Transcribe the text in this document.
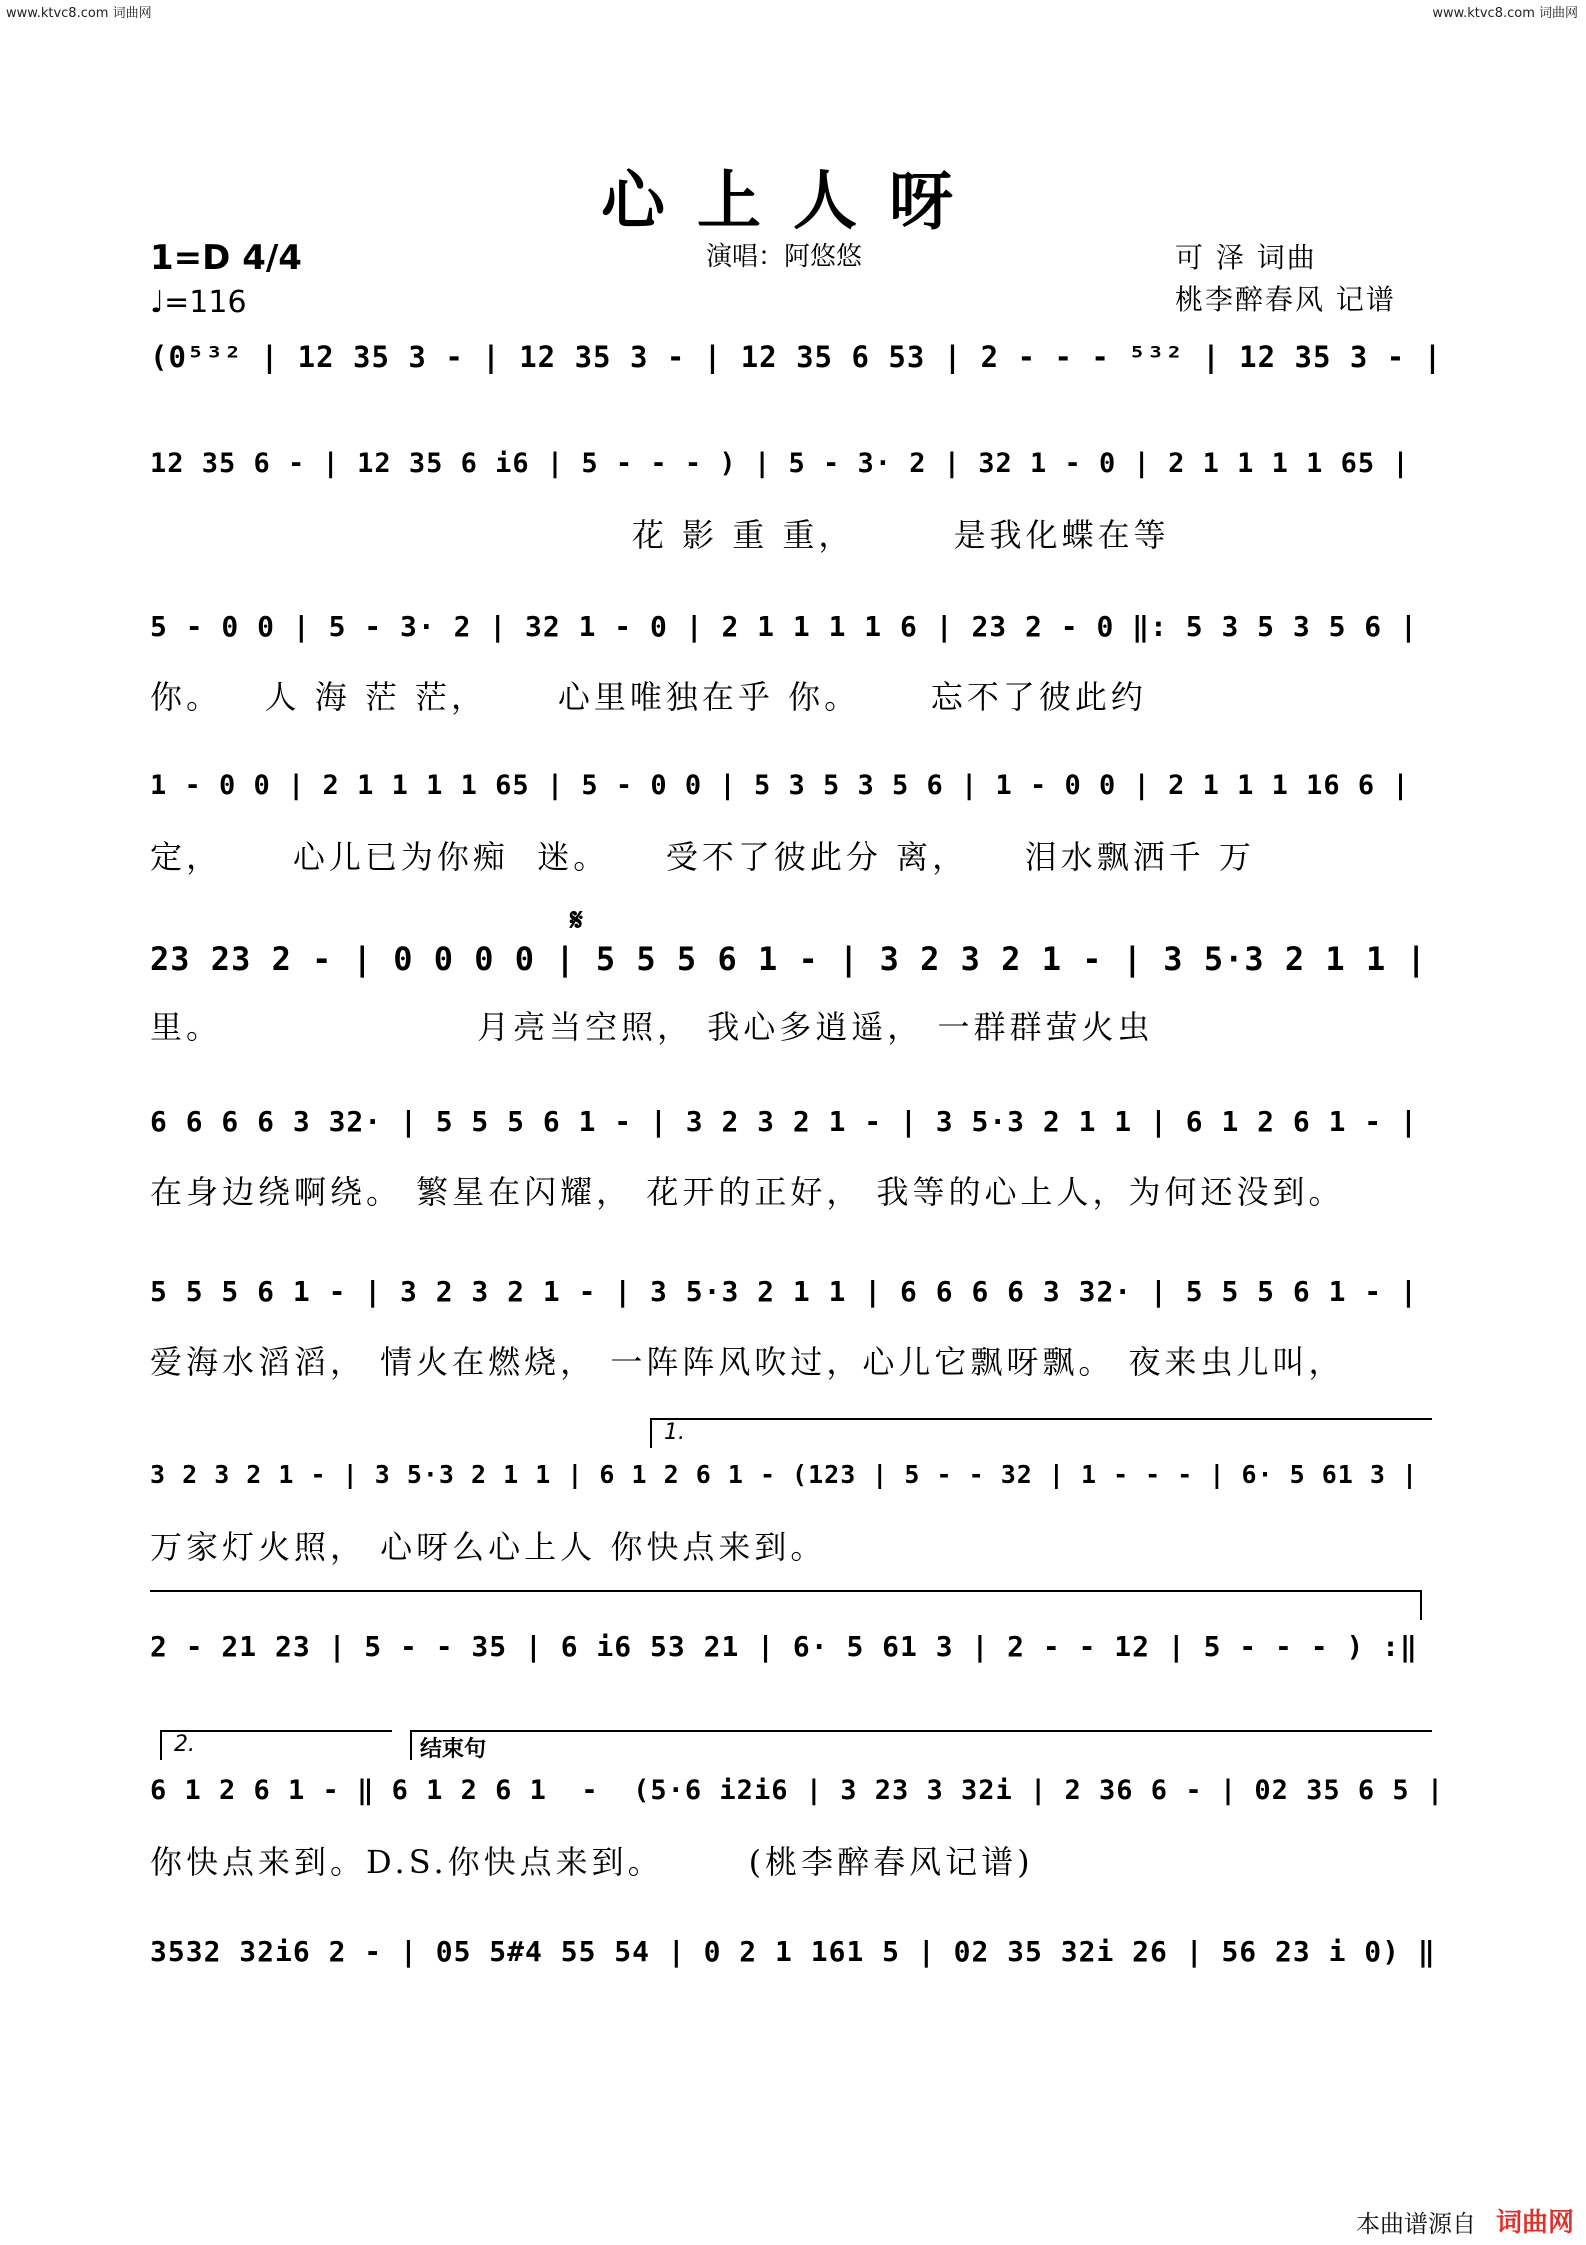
www.ktvc8.com 词曲网	www.ktvc8.com 词曲网
心上人呀
1=D 4/4
♩=116
演唱：阿悠悠	可 泽 词曲
桃李醉春风 记谱
(0⁵³² | 12 35 3 - | 12 35 3 - | 12 35 6 53 | 2 - - - ⁵³² | 12 35 3 - |
12 35 6 - | 12 35 6 i6 | 5 - - - ) | 5 - 3· 2 | 32 1 - 0 | 2 1 1 1 1 65 |
花 影 重 重，       是我化蝶在等
5 - 0 0 | 5 - 3· 2 | 32 1 - 0 | 2 1 1 1 1 6 | 23 2 - 0 ‖: 5 3 5 3 5 6 |
你。   人 海 茫 茫，     心里唯独在乎 你。     忘不了彼此约
1 - 0 0 | 2 1 1 1 1 65 | 5 - 0 0 | 5 3 5 3 5 6 | 1 - 0 0 | 2 1 1 1 16 6 |
定，     心儿已为你痴  迷。    受不了彼此分 离，    泪水飘洒千 万
23 23 2 - | 0 0 0 0 | 5 5 5 6 1 - | 3 2 3 2 1 - | 3 5·3 2 1 1 |
里。                  月亮当空照， 我心多逍遥， 一群群萤火虫
6 6 6 6 3 32· | 5 5 5 6 1 - | 3 2 3 2 1 - | 3 5·3 2 1 1 | 6 1 2 6 1 - |
在身边绕啊绕。 繁星在闪耀， 花开的正好， 我等的心上人，为何还没到。
5 5 5 6 1 - | 3 2 3 2 1 - | 3 5·3 2 1 1 | 6 6 6 6 3 32· | 5 5 5 6 1 - |
爱海水滔滔， 情火在燃烧， 一阵阵风吹过，心儿它飘呀飘。 夜来虫儿叫，
3 2 3 2 1 - | 3 5·3 2 1 1 | 6 1 2 6 1 - (123 | 5 - - 32 | 1 - - - | 6· 5 61 3 |
万家灯火照， 心呀么心上人 你快点来到。
2 - 21 23 | 5 - - 35 | 6 i6 53 21 | 6· 5 61 3 | 2 - - 12 | 5 - - - ) :‖
6 1 2 6 1 - ‖ 6 1 2 6 1  -  (5·6 i2i6 | 3 23 3 32i | 2 36 6 - | 02 35 6 5 |
你快点来到。D.S.你快点来到。      (桃李醉春风记谱)
3532 32i6 2 - | 05 5#4 55 54 | 0 2 1 161 5 | 02 35 32i 26 | 56 23 i 0) ‖
𝄋
1.
2.	结束句
本曲谱源自 词曲网
